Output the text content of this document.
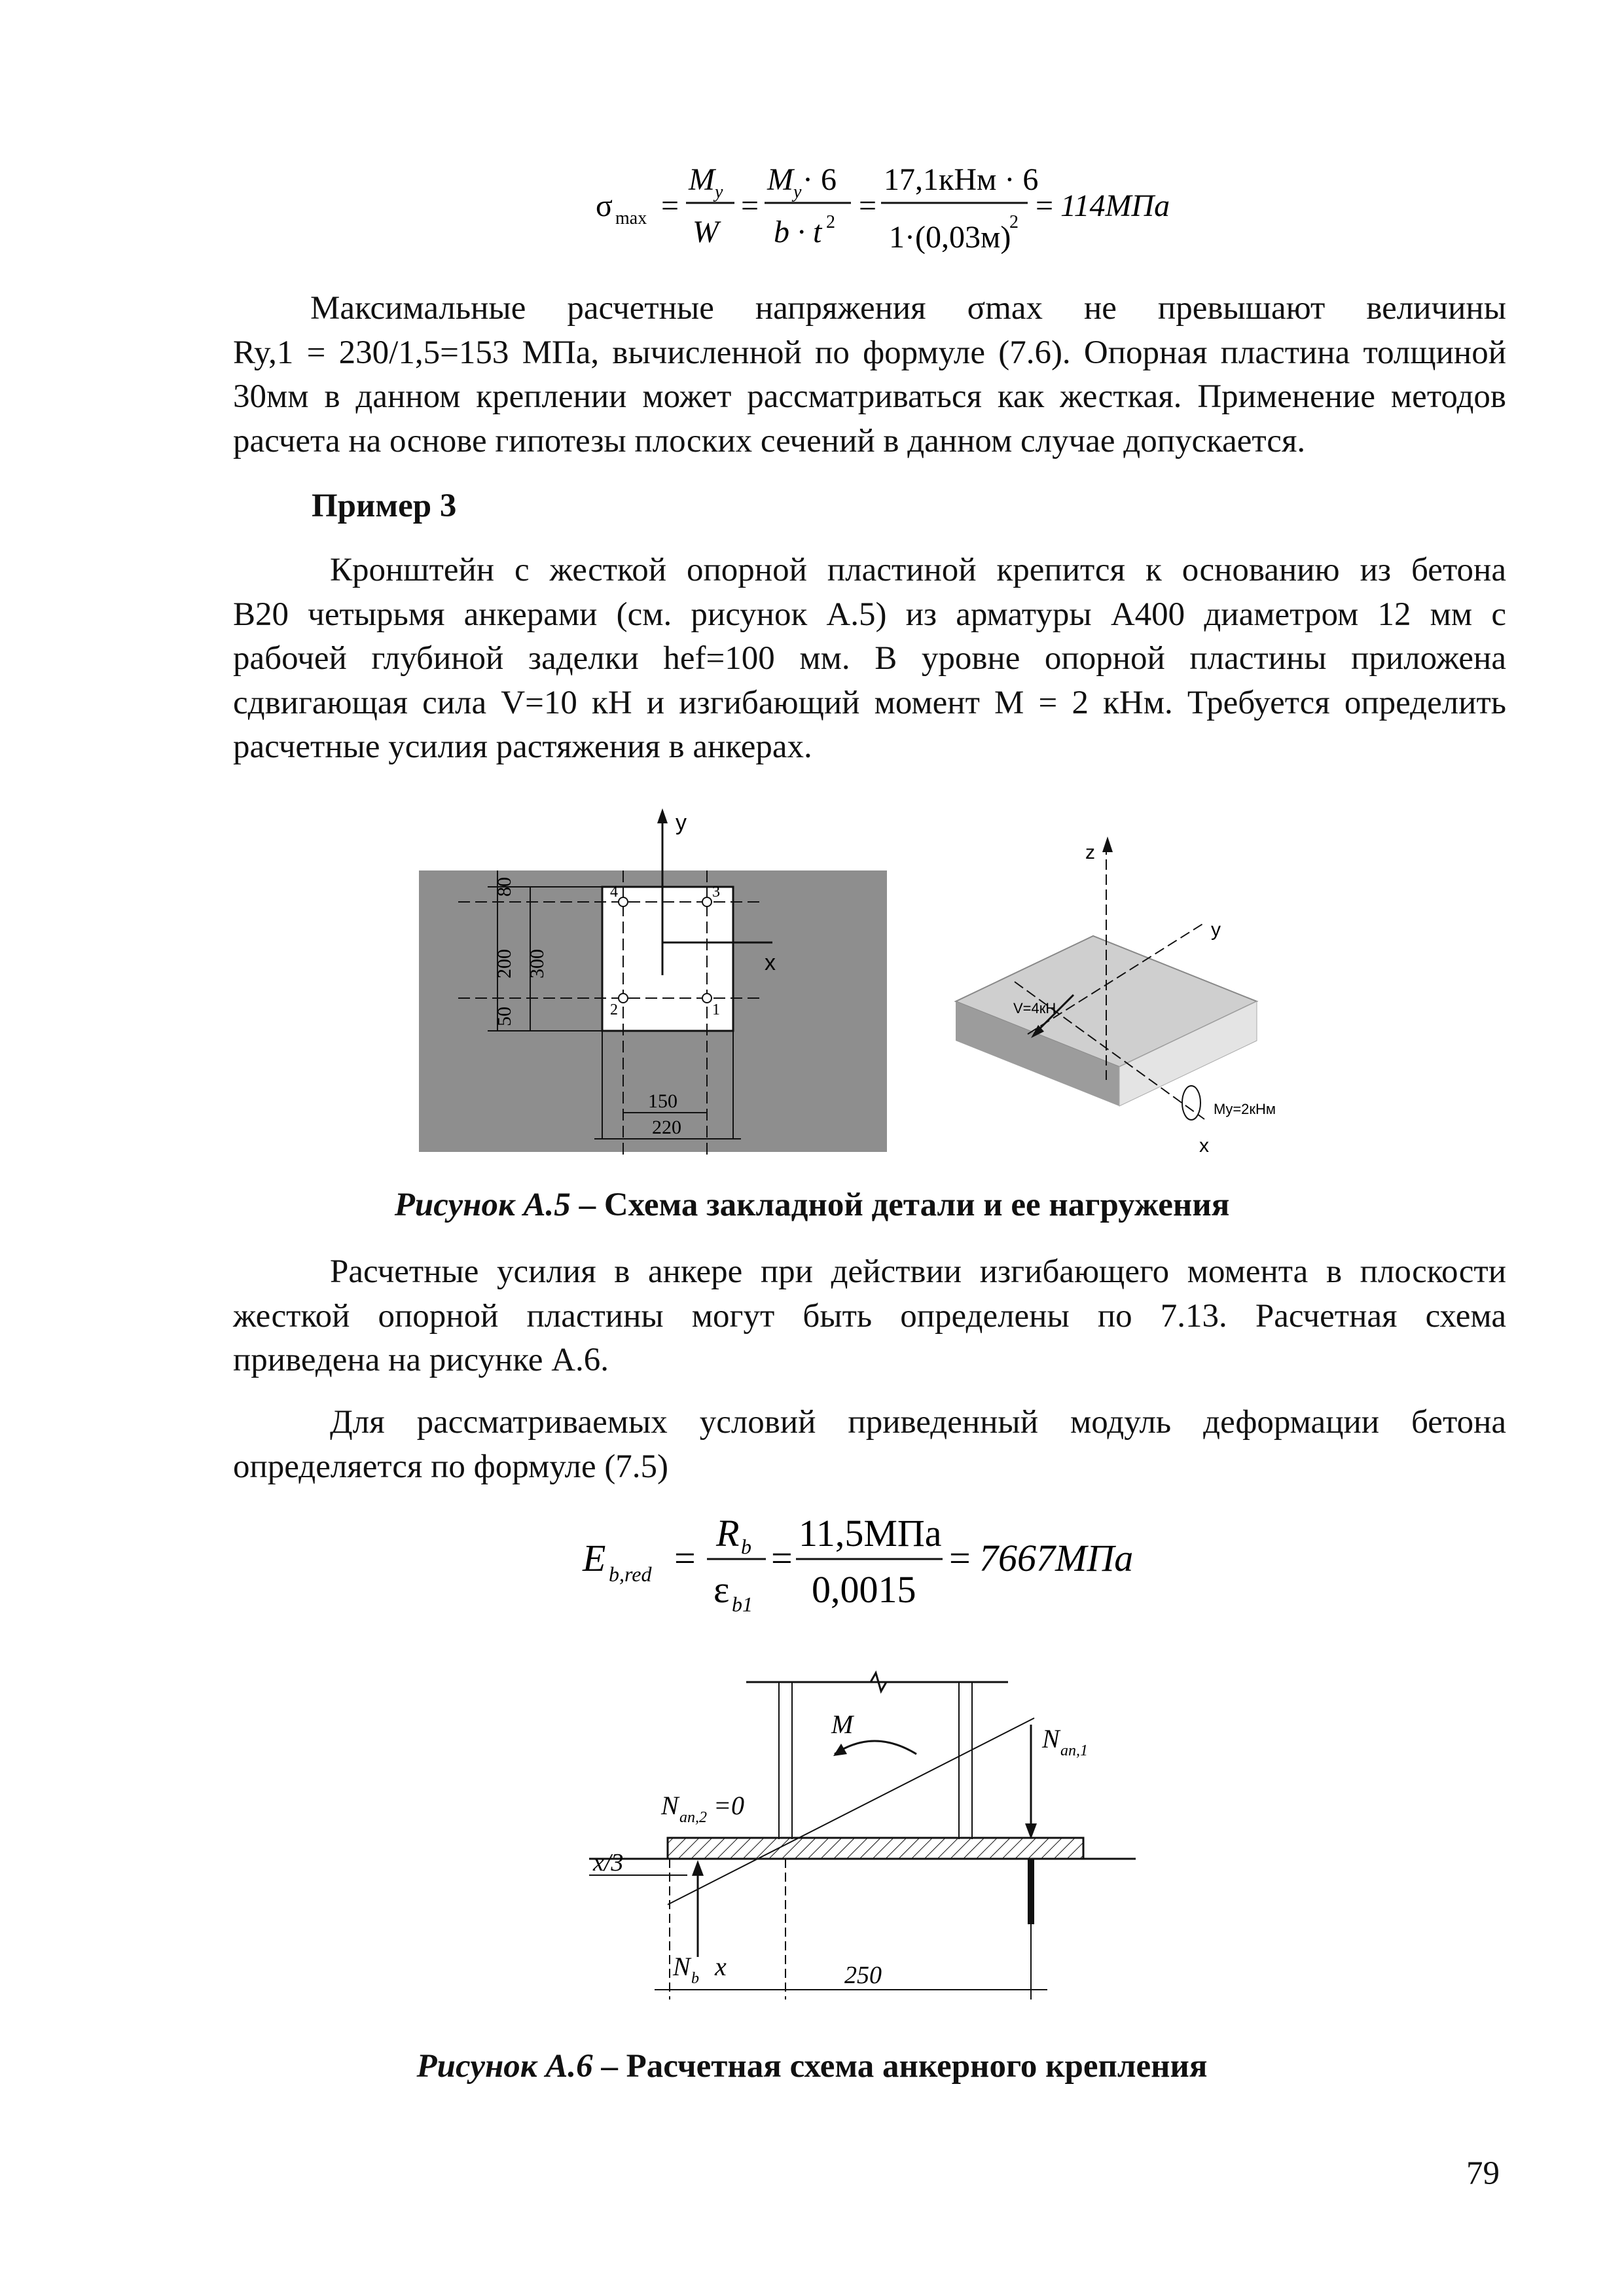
σ max =
M y
W
=
M y · 6
b · t 2 =
17,1кНм · 6
1·(0,03м)
2 = 114МПа
Максимальные расчетные напряжения σmax не превышают величины
Ry,1 = 230/1,5=153 МПа, вычисленной по формуле (7.6). Опорная пластина толщиной
30мм в данном креплении может рассматриваться как жесткая. Применение методов
расчета на основе гипотезы плоских сечений в данном случае допускается.
Пример 3
Кронштейн с жесткой опорной пластиной крепится к основанию из бетона
В20 четырьмя анкерами (см. рисунок А.5) из арматуры А400 диаметром 12 мм с
рабочей глубиной заделки hef=100 мм. В уровне опорной пластины приложена
сдвигающая сила V=10 кН и изгибающий момент M = 2 кНм. Требуется определить
расчетные усилия растяжения в анкерах.
y
x
4	3
2	1
80
200 300
50
150
220
z
y
x
V=4кН
My=2кНм
Рисунок А.5 – Схема закладной детали и ее нагружения
Расчетные усилия в анкере при действии изгибающего момента в плоскости
жесткой опорной пластины могут быть определены по 7.13. Расчетная схема
приведена на рисунке А.6.
Для рассматриваемых условий приведенный модуль деформации бетона
определяется по формуле (7.5)
E b,red =
R b
ε b1
=
11,5МПа
0,0015
= 7667МПа
M	N an,1
N an,2 =0
x/3
N b x	250
Рисунок А.6 – Расчетная схема анкерного крепления
79
